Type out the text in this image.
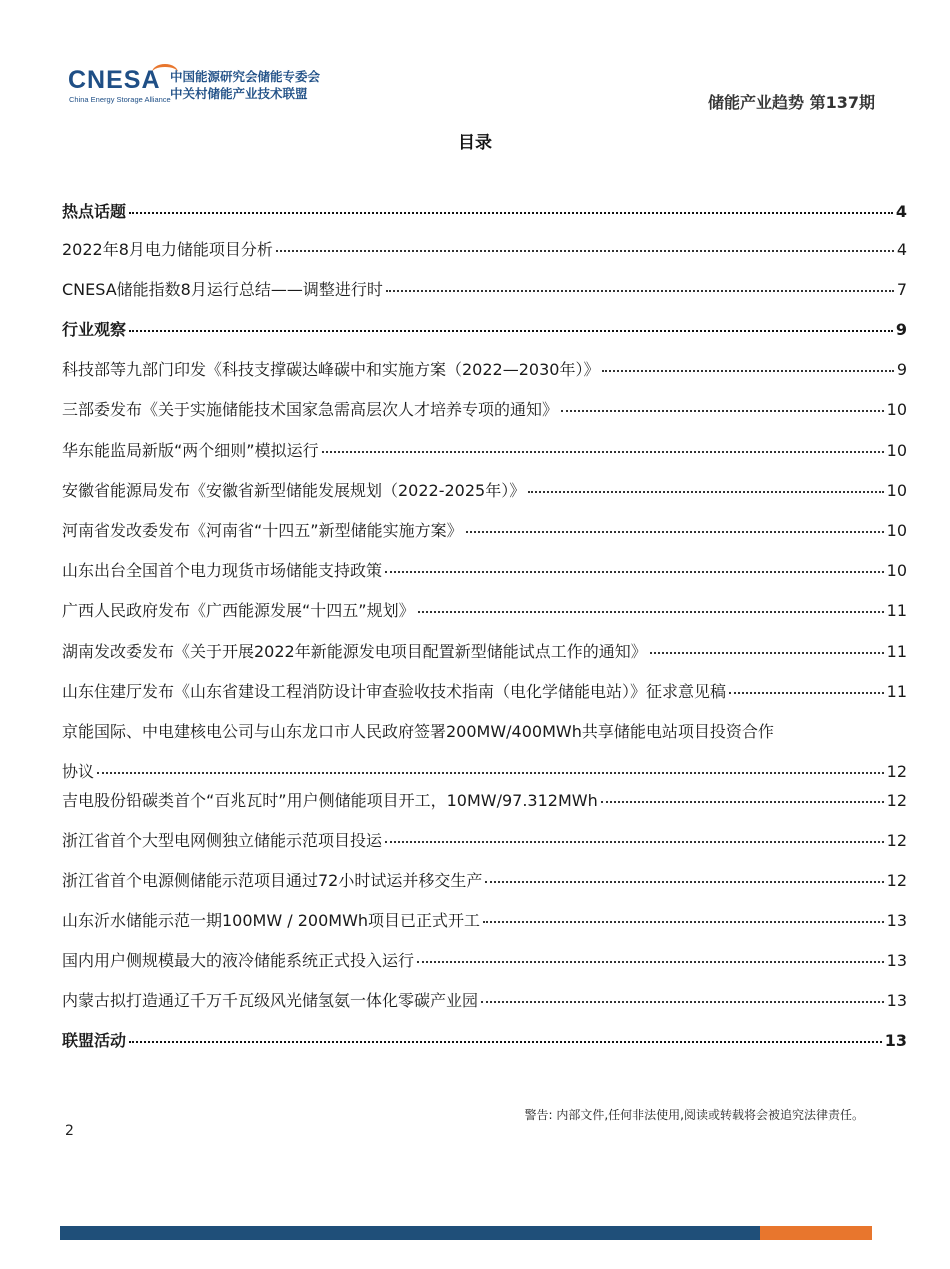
CNESA
China Energy Storage Alliance
中国能源研究会储能专委会
中关村储能产业技术联盟	储能产业趋势 第137期
目录
热点话题	4
2022年8月电力储能项目分析	4
CNESA储能指数8月运行总结——调整进行时	7
行业观察	9
科技部等九部门印发《科技支撑碳达峰碳中和实施方案（2022—2030年）》	9
三部委发布《关于实施储能技术国家急需高层次人才培养专项的通知》	10
华东能监局新版“两个细则”模拟运行	10
安徽省能源局发布《安徽省新型储能发展规划（2022-2025年）》	10
河南省发改委发布《河南省“十四五”新型储能实施方案》	10
山东出台全国首个电力现货市场储能支持政策	10
广西人民政府发布《广西能源发展“十四五”规划》	11
湖南发改委发布《关于开展2022年新能源发电项目配置新型储能试点工作的通知》	11
山东住建厅发布《山东省建设工程消防设计审查验收技术指南（电化学储能电站）》征求意见稿	11
京能国际、中电建核电公司与山东龙口市人民政府签署200MW/400MWh共享储能电站项目投资合作
协议	12
吉电股份铅碳类首个“百兆瓦时”用户侧储能项目开工，10MW/97.312MWh	12
浙江省首个大型电网侧独立储能示范项目投运	12
浙江省首个电源侧储能示范项目通过72小时试运并移交生产	12
山东沂水储能示范一期100MW / 200MWh项目已正式开工	13
国内用户侧规模最大的液冷储能系统正式投入运行	13
内蒙古拟打造通辽千万千瓦级风光储氢氨一体化零碳产业园	13
联盟活动	13
警告: 内部文件,任何非法使用,阅读或转载将会被追究法律责任。
2
